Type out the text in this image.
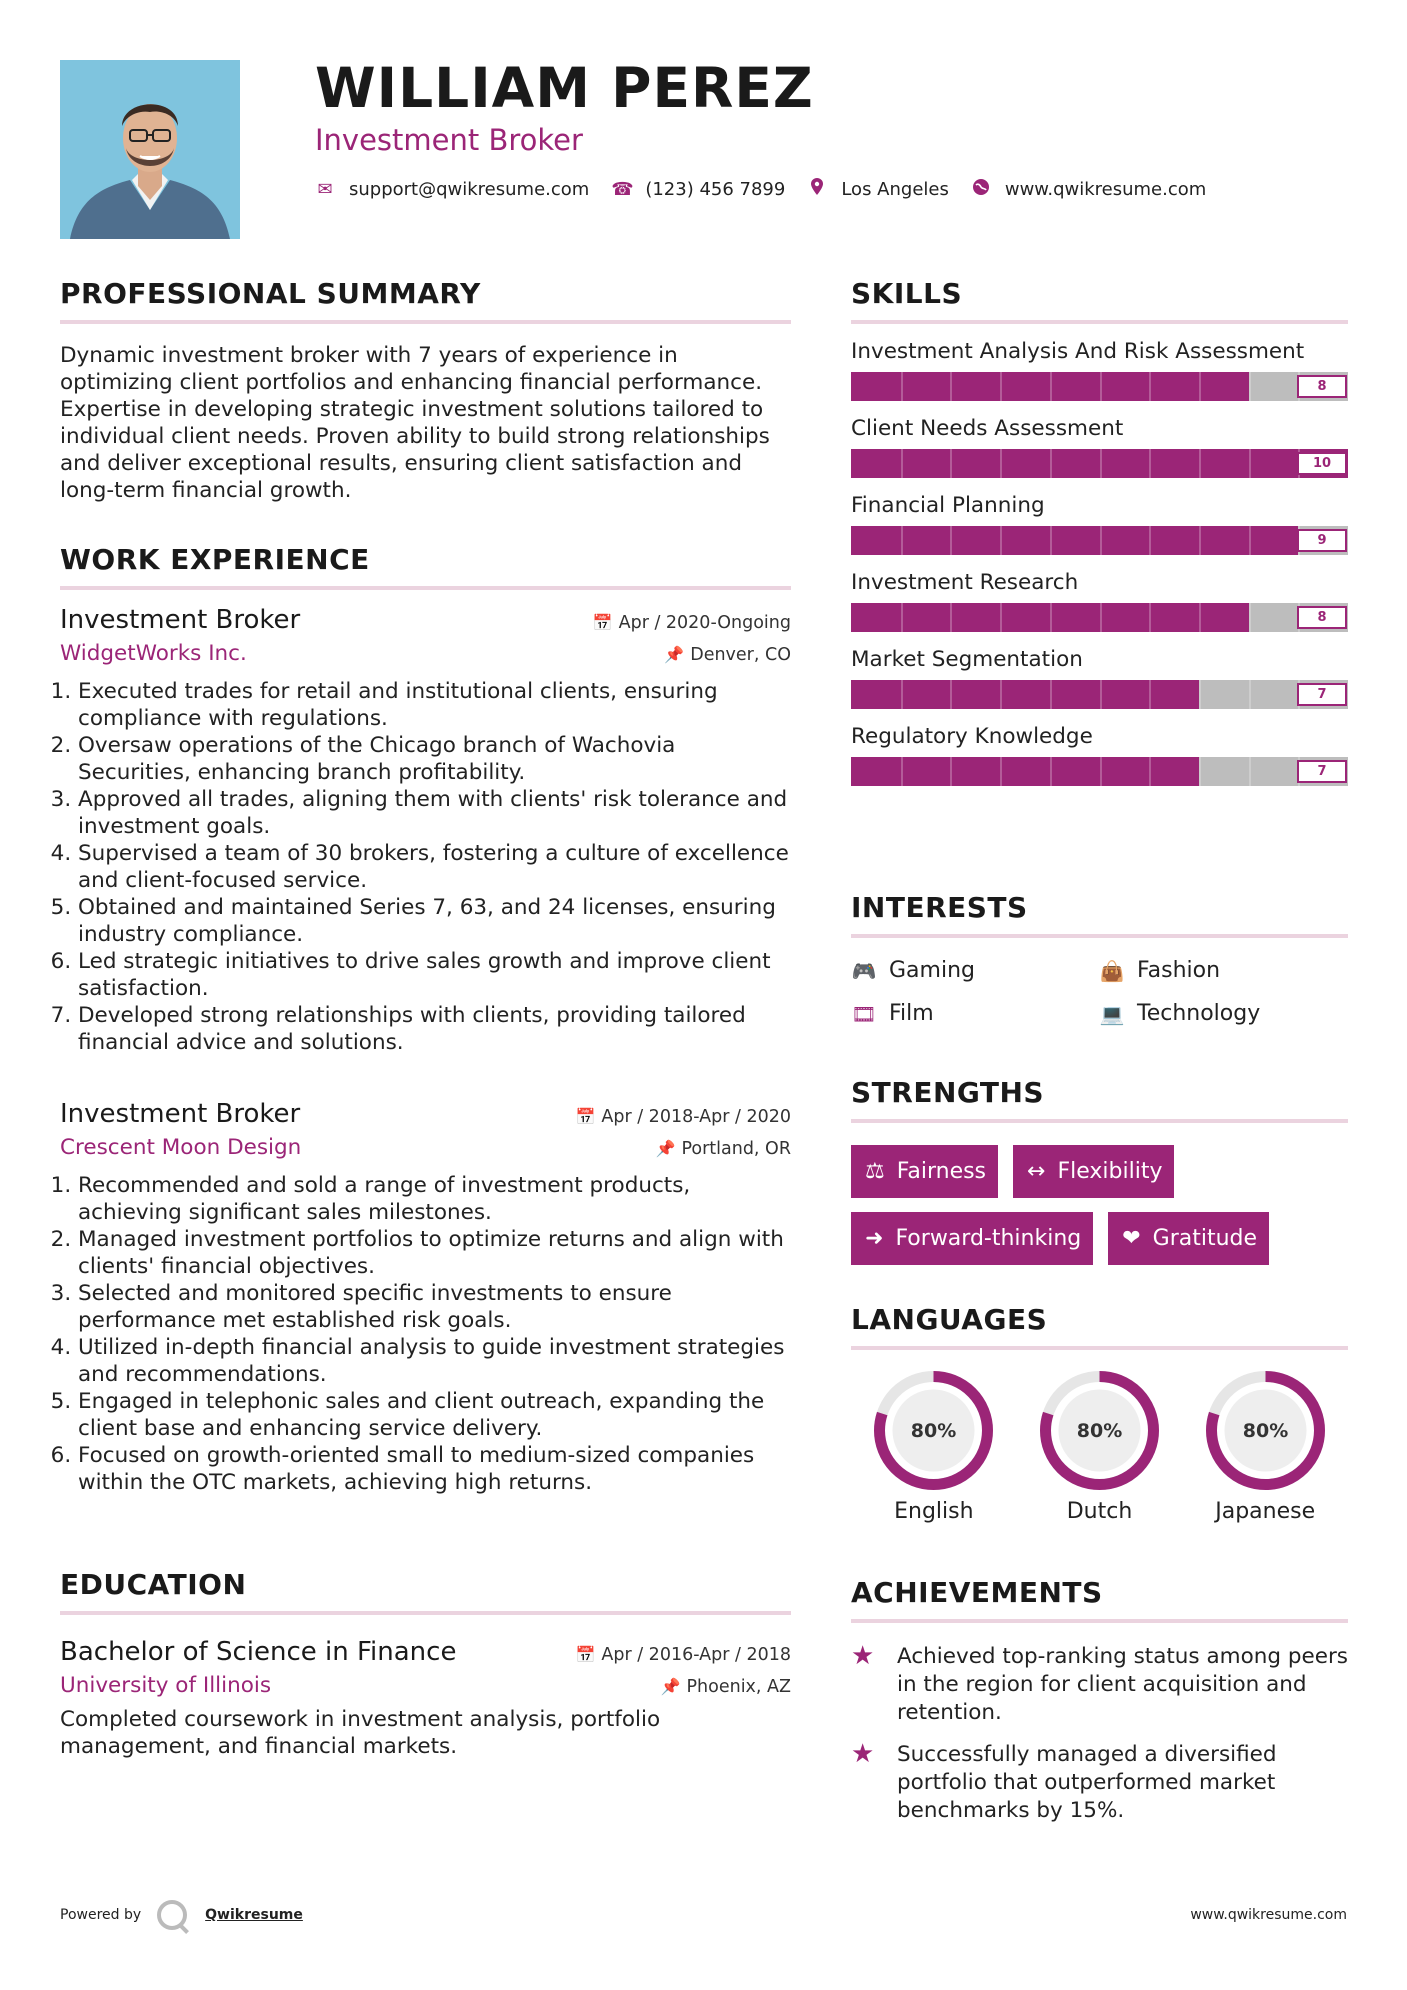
WILLIAM PEREZ
Investment Broker
✉ support@qwikresume.com ☎ (123) 456 7899	Los Angeles	www.qwikresume.com
PROFESSIONAL SUMMARY
Dynamic investment broker with 7 years of experience in optimizing client portfolios and enhancing financial performance. Expertise in developing strategic investment solutions tailored to individual client needs. Proven ability to build strong relationships and deliver exceptional results, ensuring client satisfaction and long-term financial growth.
WORK EXPERIENCE
Investment Broker	📅 Apr / 2020-Ongoing
WidgetWorks Inc.	📌 Denver, CO
1. Executed trades for retail and institutional clients, ensuring compliance with regulations.
2. Oversaw operations of the Chicago branch of Wachovia Securities, enhancing branch profitability.
3. Approved all trades, aligning them with clients' risk tolerance and investment goals.
4. Supervised a team of 30 brokers, fostering a culture of excellence and client-focused service.
5. Obtained and maintained Series 7, 63, and 24 licenses, ensuring industry compliance.
6. Led strategic initiatives to drive sales growth and improve client satisfaction.
7. Developed strong relationships with clients, providing tailored financial advice and solutions.
Investment Broker	📅 Apr / 2018-Apr / 2020
Crescent Moon Design	📌 Portland, OR
1. Recommended and sold a range of investment products, achieving significant sales milestones.
2. Managed investment portfolios to optimize returns and align with clients' financial objectives.
3. Selected and monitored specific investments to ensure performance met established risk goals.
4. Utilized in-depth financial analysis to guide investment strategies and recommendations.
5. Engaged in telephonic sales and client outreach, expanding the client base and enhancing service delivery.
6. Focused on growth-oriented small to medium-sized companies within the OTC markets, achieving high returns.
EDUCATION
Bachelor of Science in Finance	📅 Apr / 2016-Apr / 2018
University of Illinois	📌 Phoenix, AZ
Completed coursework in investment analysis, portfolio management, and financial markets.
SKILLS
Investment Analysis And Risk Assessment
8
Client Needs Assessment
10
Financial Planning
9
Investment Research
8
Market Segmentation
7
Regulatory Knowledge
7
INTERESTS
🎮 Gaming	👜 Fashion
🎞 Film	💻 Technology
STRENGTHS
⚖ Fairness ↔ Flexibility
➜ Forward-thinking ❤ Gratitude
LANGUAGES
80%
English
80%
Dutch
80%
Japanese
ACHIEVEMENTS
★	Achieved top-ranking status among peers in the region for client acquisition and retention.
★	Successfully managed a diversified portfolio that outperformed market benchmarks by 15%.
Powered by	Qwikresume	www.qwikresume.com
